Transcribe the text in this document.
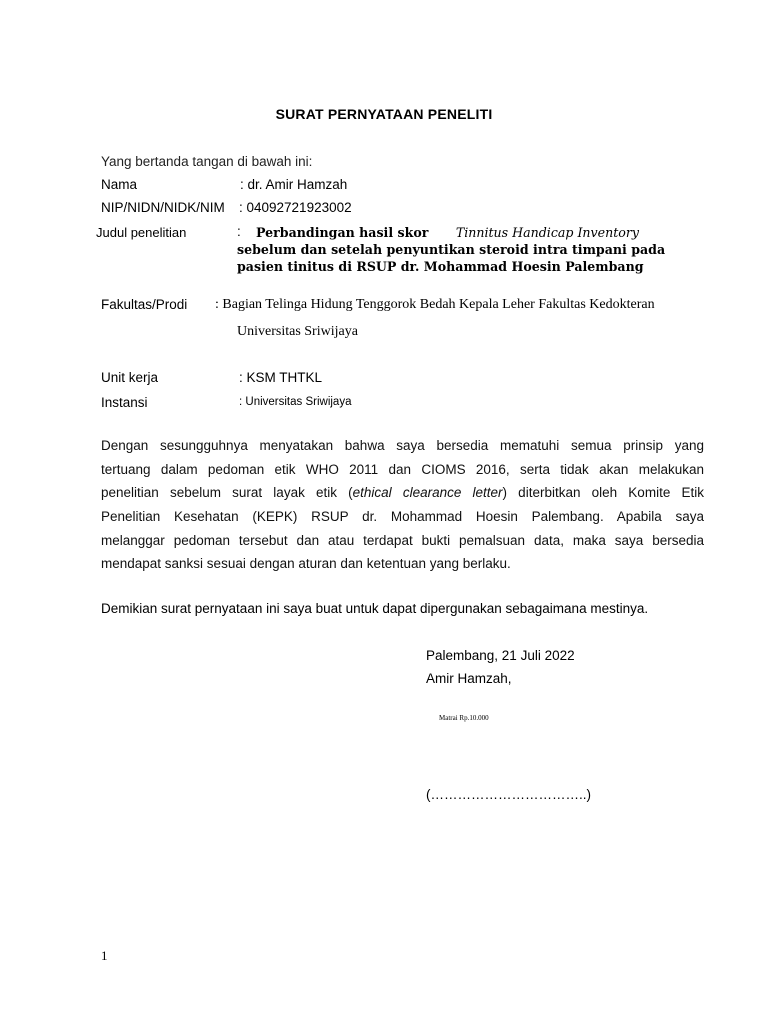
SURAT PERNYATAAN PENELITI
Yang bertanda tangan di bawah ini:
Nama	: dr. Amir Hamzah
NIP/NIDN/NIDK/NIM : 04092721923002
Judul penelitian	: Perbandingan hasil skor Tinnitus Handicap Inventory
sebelum dan setelah penyuntikan steroid intra timpani pada
pasien tinitus di RSUP dr. Mohammad Hoesin Palembang
Fakultas/Prodi : Bagian Telinga Hidung Tenggorok Bedah Kepala Leher Fakultas Kedokteran
Universitas Sriwijaya
Unit kerja	: KSM THTKL
Instansi	: Universitas Sriwijaya
Dengan sesungguhnya menyatakan bahwa saya bersedia mematuhi semua prinsip yang
tertuang dalam pedoman etik WHO 2011 dan CIOMS 2016, serta tidak akan melakukan
penelitian sebelum surat layak etik (ethical clearance letter) diterbitkan oleh Komite Etik
Penelitian Kesehatan (KEPK) RSUP dr. Mohammad Hoesin Palembang. Apabila saya
melanggar pedoman tersebut dan atau terdapat bukti pemalsuan data, maka saya bersedia
mendapat sanksi sesuai dengan aturan dan ketentuan yang berlaku.
Demikian surat pernyataan ini saya buat untuk dapat dipergunakan sebagaimana mestinya.
Palembang, 21 Juli 2022
Amir Hamzah,
Matrai Rp.10.000
(……………………………..)
1
